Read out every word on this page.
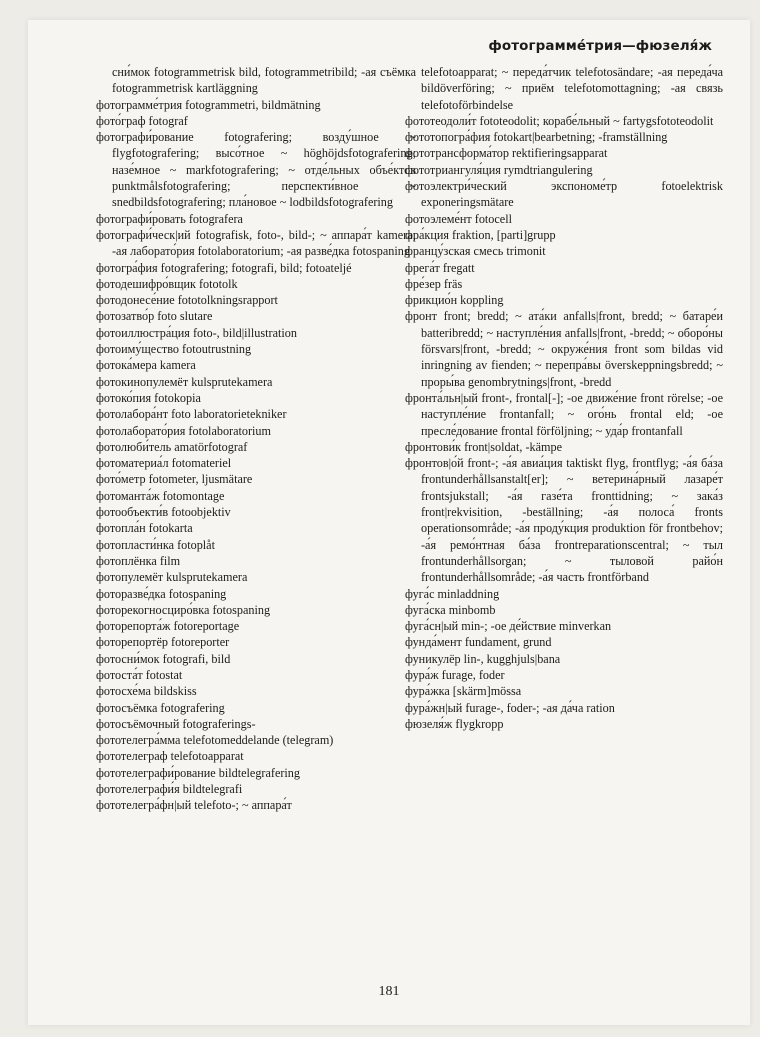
фотограмме́трия—фюзеля́ж
сни́мок fotogrammetrisk bild, fotogrammetribild; -ая съёмка fotogrammetrisk kartläggning
фотограмме́трия fotogrammetri, bildmätning
фото́граф fotograf
фотографи́рование fotografering; возду́шное ~ flygfotografering; высо́тное ~ höghöjdsfotografering; назе́мное ~ markfotografering; ~ отде́льных объе́ктов punktmålsfotografering; перспекти́вное ~ snedbildsfotografering; пла́новое ~ lodbildsfotografering
фотографи́ровать fotografera
фотографи́ческ|ий fotografisk, foto-, bild-; ~ аппара́т kamera; -ая лаборато́рия fotolaboratorium; -ая разве́дка fotospaning
фотогра́фия fotografering; fotografi, bild; fotoatelјé
фотодешифро́вщик fototolk
фотодонесе́ние fototolkningsrapport
фотозатво́р foto slutare
фотоиллюстра́ция foto-, bild|illustration
фотоиму́щество fotoutrustning
фотока́мера kamera
фотокинопулемёт kulsprutekamera
фотоко́пия fotokopia
фотолабора́нт foto laboratorietekniker
фотолаборато́рия fotolaboratorium
фотолюби́тель amatörfotograf
фотоматериа́л fotomateriel
фото́метр fotometer, ljusmätare
фотоманта́ж fotomontage
фотообъекти́в fotoobjektiv
фотопла́н fotokarta
фотопласти́нка fotoplåt
фотоплёнка film
фотопулемёт kulsprutekamera
фоторазве́дка fotospaning
фоторекогносциро́вка fotospaning
фоторепорта́ж fotoreportage
фоторепортёр fotoreporter
фотосни́мок fotografi, bild
фотоста́т fotostat
фотосхе́ма bildskiss
фотосъёмка fotografering
фотосъёмочный fotograferings-
фототелегра́мма telefotomeddelande (telegram)
фототелеграф telefotoapparat
фототелеграфи́рование bildtelegrafering
фототелеграфи́я bildtelegrafi
фототелегра́фн|ый telefoto-; ~ аппара́т
telefotoapparat; ~ переда́тчик telefotosändare; -ая переда́ча bildöverföring; ~ приём telefotomottagning; -ая связь telefotoförbindelse
фототеодоли́т fototeodolit; корабе́льный ~ fartygsfototeodolit
фототопогра́фия fotokart|bearbetning; -framställning
фототрансформа́тор rektifieringsapparat
фототриангуля́ция rymdtriangulering
фотоэлектри́ческий экспономе́тр fotoelektrisk exponeringsmätare
фотоэлеме́нт fotocell
фра́кция fraktion, [parti]grupp
францу́зская смесь trimonit
фрега́т fregatt
фре́зер fräs
фрикцио́н koppling
фронт front; bredd; ~ ата́ки anfalls|front, bredd; ~ батаре́и batteribredd; ~ наступле́ния anfalls|front, -bredd; ~ оборо́ны försvars|front, -bredd; ~ окруже́ния front som bildas vid inringning av fienden; ~ перепра́вы överskeppningsbredd; ~ проры́ва genombrytnings|front, -bredd
фронта́льн|ый front-, frontal[-]; -ое движе́ние front rörelse; -ое наступле́ние frontanfall; ~ ого́нь frontal eld; -ое пресле́дование frontal förföljning; ~ уда́р frontanfall
фронтови́к front|soldat, -kämpe
фронтов|о́й front-; -а́я авиа́ция taktiskt flyg, frontflyg; -а́я ба́за frontunderhållsanstalt[er]; ~ ветерина́рный лазаре́т frontsjukstall; -а́я газе́та fronttidning; ~ зака́з front|rekvisition, -beställning; -а́я полоса́ fronts operationsområde; -а́я проду́кция produktion för frontbehov; -а́я ремо́нтная ба́за frontreparationscentral; ~ тыл frontunderhållsorgan; ~ тыловой райо́н frontunderhållsområde; -а́я часть frontförband
фуга́с minladdning
фуга́ска minbomb
фуга́сн|ый min-; -ое де́йствие minverkan
фунда́мент fundament, grund
фуникулёр lin-, kugghjuls|bana
фура́ж furage, foder
фура́жка [skärm]mössa
фура́жн|ый furage-, foder-; -ая да́ча ration
фюзеля́ж flygkropp
181
